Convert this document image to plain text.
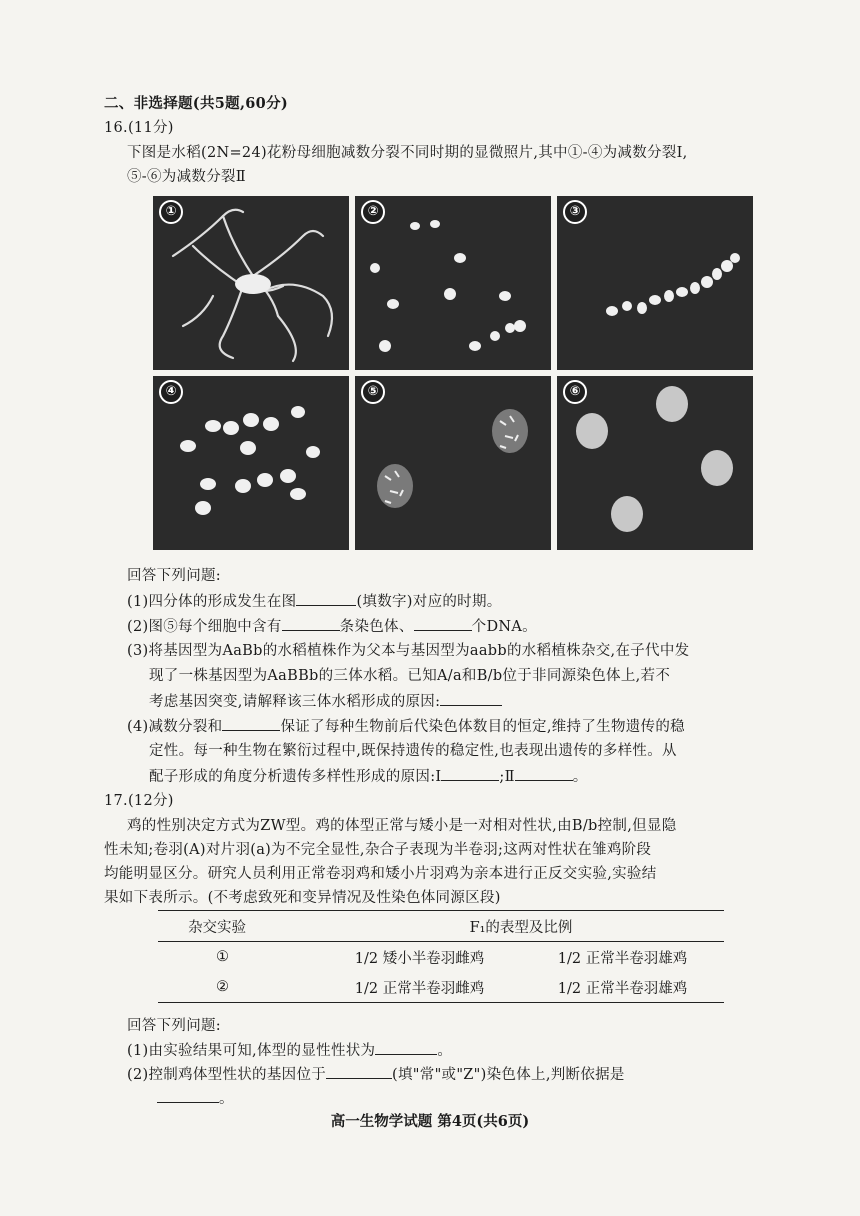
二、非选择题(共5题,60分)
16.(11分)
下图是水稻(2N=24)花粉母细胞减数分裂不同时期的显微照片,其中①-④为减数分裂Ⅰ,
⑤-⑥为减数分裂Ⅱ
①	②	③
④	⑤	⑥
回答下列问题:
(1)四分体的形成发生在图	(填数字)对应的时期。
(2)图⑤每个细胞中含有	条染色体、	个DNA。
(3)将基因型为AaBb的水稻植株作为父本与基因型为aabb的水稻植株杂交,在子代中发
现了一株基因型为AaBBb的三体水稻。已知A/a和B/b位于非同源染色体上,若不
考虑基因突变,请解释该三体水稻形成的原因:
(4)减数分裂和	保证了每种生物前后代染色体数目的恒定,维持了生物遗传的稳
定性。每一种生物在繁衍过程中,既保持遗传的稳定性,也表现出遗传的多样性。从
配子形成的角度分析遗传多样性形成的原因:Ⅰ	;Ⅱ	。
17.(12分)
鸡的性别决定方式为ZW型。鸡的体型正常与矮小是一对相对性状,由B/b控制,但显隐
性未知;卷羽(A)对片羽(a)为不完全显性,杂合子表现为半卷羽;这两对性状在雏鸡阶段
均能明显区分。研究人员利用正常卷羽鸡和矮小片羽鸡为亲本进行正反交实验,实验结
果如下表所示。(不考虑致死和变异情况及性染色体同源区段)
杂交实验	F₁的表型及比例	
①	1/2 矮小半卷羽雌鸡	1/2 正常半卷羽雄鸡
②	1/2 正常半卷羽雌鸡	1/2 正常半卷羽雄鸡
回答下列问题:
(1)由实验结果可知,体型的显性性状为	。
(2)控制鸡体型性状的基因位于	(填"常"或"Z")染色体上,判断依据是
。
高一生物学试题 第4页(共6页)
